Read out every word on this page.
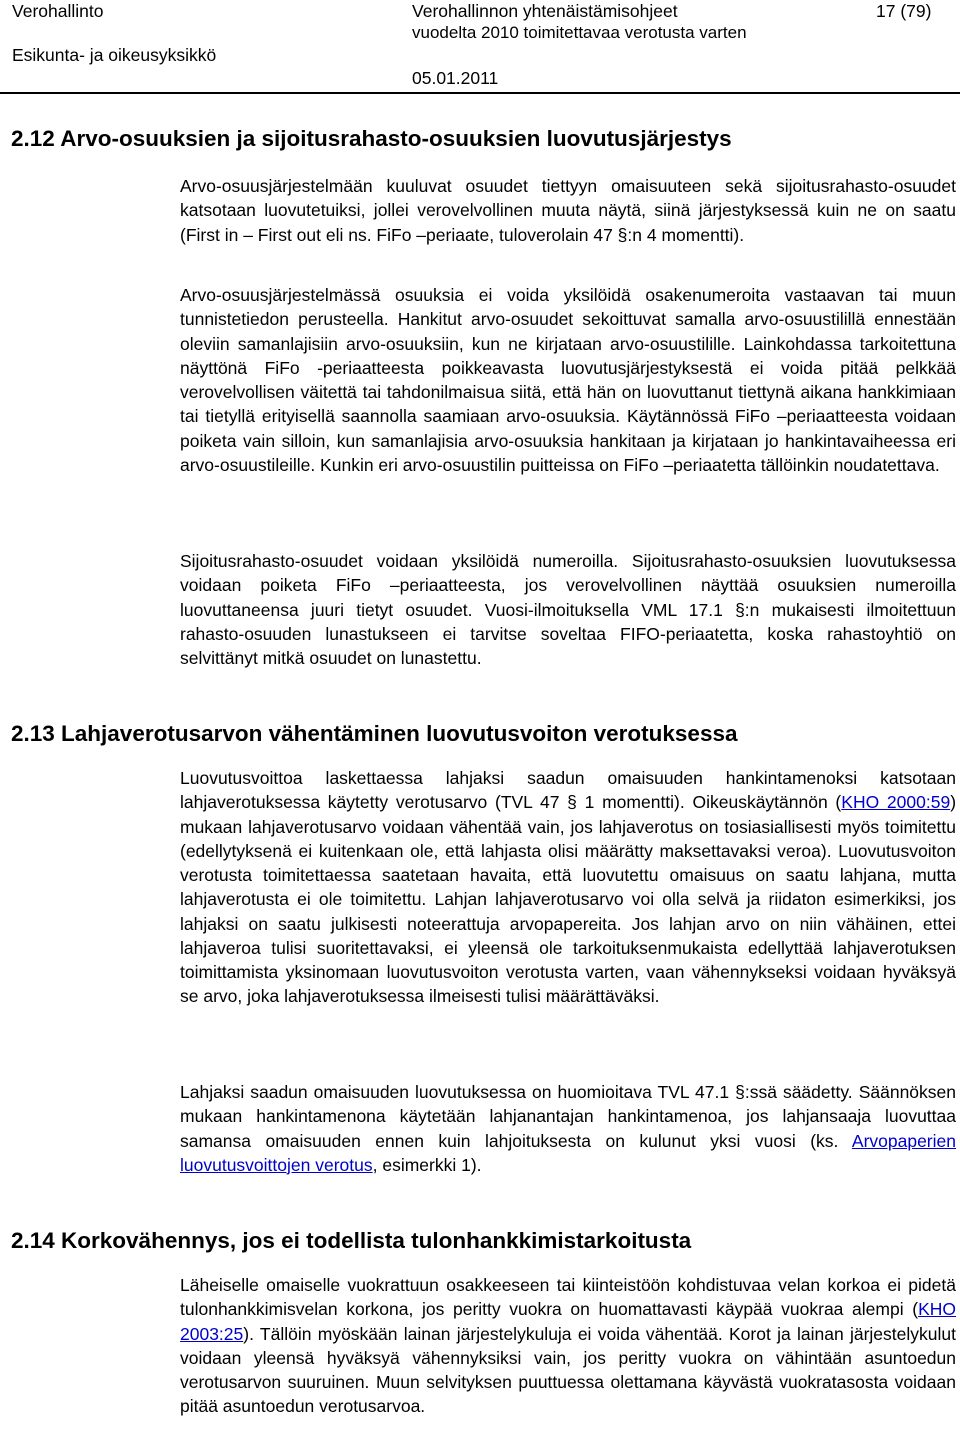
Verohallinto
Esikunta- ja oikeusyksikkö
Verohallinnon yhtenäistämisohjeet
vuodelta 2010 toimitettavaa verotusta varten
05.01.2011
17 (79)
2.12 Arvo-osuuksien ja sijoitusrahasto-osuuksien luovutusjärjestys

Arvo-osuusjärjestelmään kuuluvat osuudet tiettyyn omaisuuteen sekä sijoitusrahasto-osuudet katsotaan luovutetuiksi, jollei verovelvollinen muuta näytä, siinä järjestyksessä kuin ne on saatu (First in – First out eli ns. FiFo –periaate, tuloverolain 47 §:n 4 momentti).

Arvo-osuusjärjestelmässä osuuksia ei voida yksilöidä osakenumeroita vastaavan tai muun tunnistetiedon perusteella. Hankitut arvo-osuudet sekoittuvat samalla arvo-osuustilillä ennestään oleviin samanlajisiin arvo-osuuksiin, kun ne kirjataan arvo-osuustilille. Lainkohdassa tarkoitettuna näyttönä FiFo -periaatteesta poikkeavasta luovutusjärjestyksestä ei voida pitää pelkkää verovelvollisen väitettä tai tahdonilmaisua siitä, että hän on luovuttanut tiettynä aikana hankkimiaan tai tietyllä erityisellä saannolla saamiaan arvo-osuuksia. Käytännössä FiFo –periaatteesta voidaan poiketa vain silloin, kun samanlajisia arvo-osuuksia hankitaan ja kirjataan jo hankintavaiheessa eri arvo-osuustileille. Kunkin eri arvo-osuustilin puitteissa on FiFo –periaatetta tällöinkin noudatettava.

Sijoitusrahasto-osuudet voidaan yksilöidä numeroilla. Sijoitusrahasto-osuuksien luovutuksessa voidaan poiketa FiFo –periaatteesta, jos verovelvollinen näyttää osuuksien numeroilla luovuttaneensa juuri tietyt osuudet. Vuosi-ilmoituksella VML 17.1 §:n mukaisesti ilmoitettuun rahasto-osuuden lunastukseen ei tarvitse soveltaa FIFO-periaatetta, koska rahastoyhtiö on selvittänyt mitkä osuudet on lunastettu.

2.13 Lahjaverotusarvon vähentäminen luovutusvoiton verotuksessa

Luovutusvoittoa laskettaessa lahjaksi saadun omaisuuden hankintamenoksi katsotaan lahjaverotuksessa käytetty verotusarvo (TVL 47 § 1 momentti). Oikeuskäytännön (KHO 2000:59) mukaan lahjaverotusarvo voidaan vähentää vain, jos lahjaverotus on tosiasiallisesti myös toimitettu (edellytyksenä ei kuitenkaan ole, että lahjasta olisi määrätty maksettavaksi veroa). Luovutusvoiton verotusta toimitettaessa saatetaan havaita, että luovutettu omaisuus on saatu lahjana, mutta lahjaverotusta ei ole toimitettu. Lahjan lahjaverotusarvo voi olla selvä ja riidaton esimerkiksi, jos lahjaksi on saatu julkisesti noteerattuja arvopapereita. Jos lahjan arvo on niin vähäinen, ettei lahjaveroa tulisi suoritettavaksi, ei yleensä ole tarkoituksenmukaista edellyttää lahjaverotuksen toimittamista yksinomaan luovutusvoiton verotusta varten, vaan vähennykseksi voidaan hyväksyä se arvo, joka lahjaverotuksessa ilmeisesti tulisi määrättäväksi.

Lahjaksi saadun omaisuuden luovutuksessa on huomioitava TVL 47.1 §:ssä säädetty. Säännöksen mukaan hankintamenona käytetään lahjanantajan hankintamenoa, jos lahjansaaja luovuttaa samansa omaisuuden ennen kuin lahjoituksesta on kulunut yksi vuosi (ks. Arvopaperien luovutusvoittojen verotus, esimerkki 1).

2.14 Korkovähennys, jos ei todellista tulonhankkimistarkoitusta

Läheiselle omaiselle vuokrattuun osakkeeseen tai kiinteistöön kohdistuvaa velan korkoa ei pidetä tulonhankkimisvelan korkona, jos peritty vuokra on huomattavasti käypää vuokraa alempi (KHO 2003:25). Tällöin myöskään lainan järjestelykuluja ei voida vähentää. Korot ja lainan järjestelykulut voidaan yleensä hyväksyä vähennyksiksi vain, jos peritty vuokra on vähintään asuntoedun verotusarvon suuruinen. Muun selvityksen puuttuessa olettamana käyvästä vuokratasosta voidaan pitää asuntoedun verotusarvoa.
